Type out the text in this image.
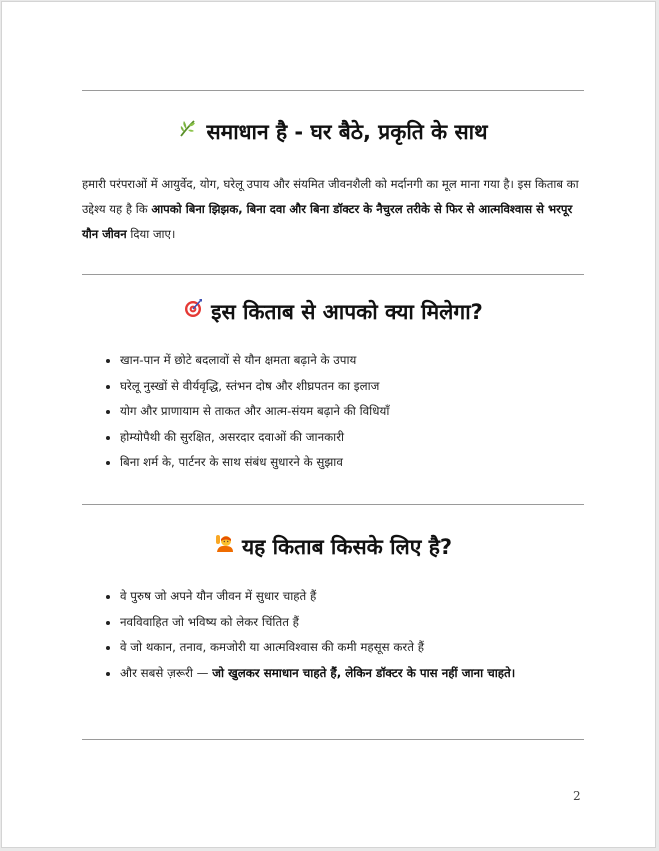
समाधान है - घर बैठे, प्रकृति के साथ
हमारी परंपराओं में आयुर्वेद, योग, घरेलू उपाय और संयमित जीवनशैली को मर्दानगी का मूल माना गया है। इस किताब का उद्देश्य यह है कि आपको बिना झिझक, बिना दवा और बिना डॉक्टर के नैचुरल तरीके से फिर से आत्मविश्वास से भरपूर यौन जीवन दिया जाए।
इस किताब से आपको क्या मिलेगा?
• खान-पान में छोटे बदलावों से यौन क्षमता बढ़ाने के उपाय
• घरेलू नुस्खों से वीर्यवृद्धि, स्तंभन दोष और शीघ्रपतन का इलाज
• योग और प्राणायाम से ताकत और आत्म-संयम बढ़ाने की विधियाँ
• होम्योपैथी की सुरक्षित, असरदार दवाओं की जानकारी
• बिना शर्म के, पार्टनर के साथ संबंध सुधारने के सुझाव
यह किताब किसके लिए है?
• वे पुरुष जो अपने यौन जीवन में सुधार चाहते हैं
• नवविवाहित जो भविष्य को लेकर चिंतित हैं
• वे जो थकान, तनाव, कमजोरी या आत्मविश्वास की कमी महसूस करते हैं
• और सबसे ज़रूरी — जो खुलकर समाधान चाहते हैं, लेकिन डॉक्टर के पास नहीं जाना चाहते।
2
